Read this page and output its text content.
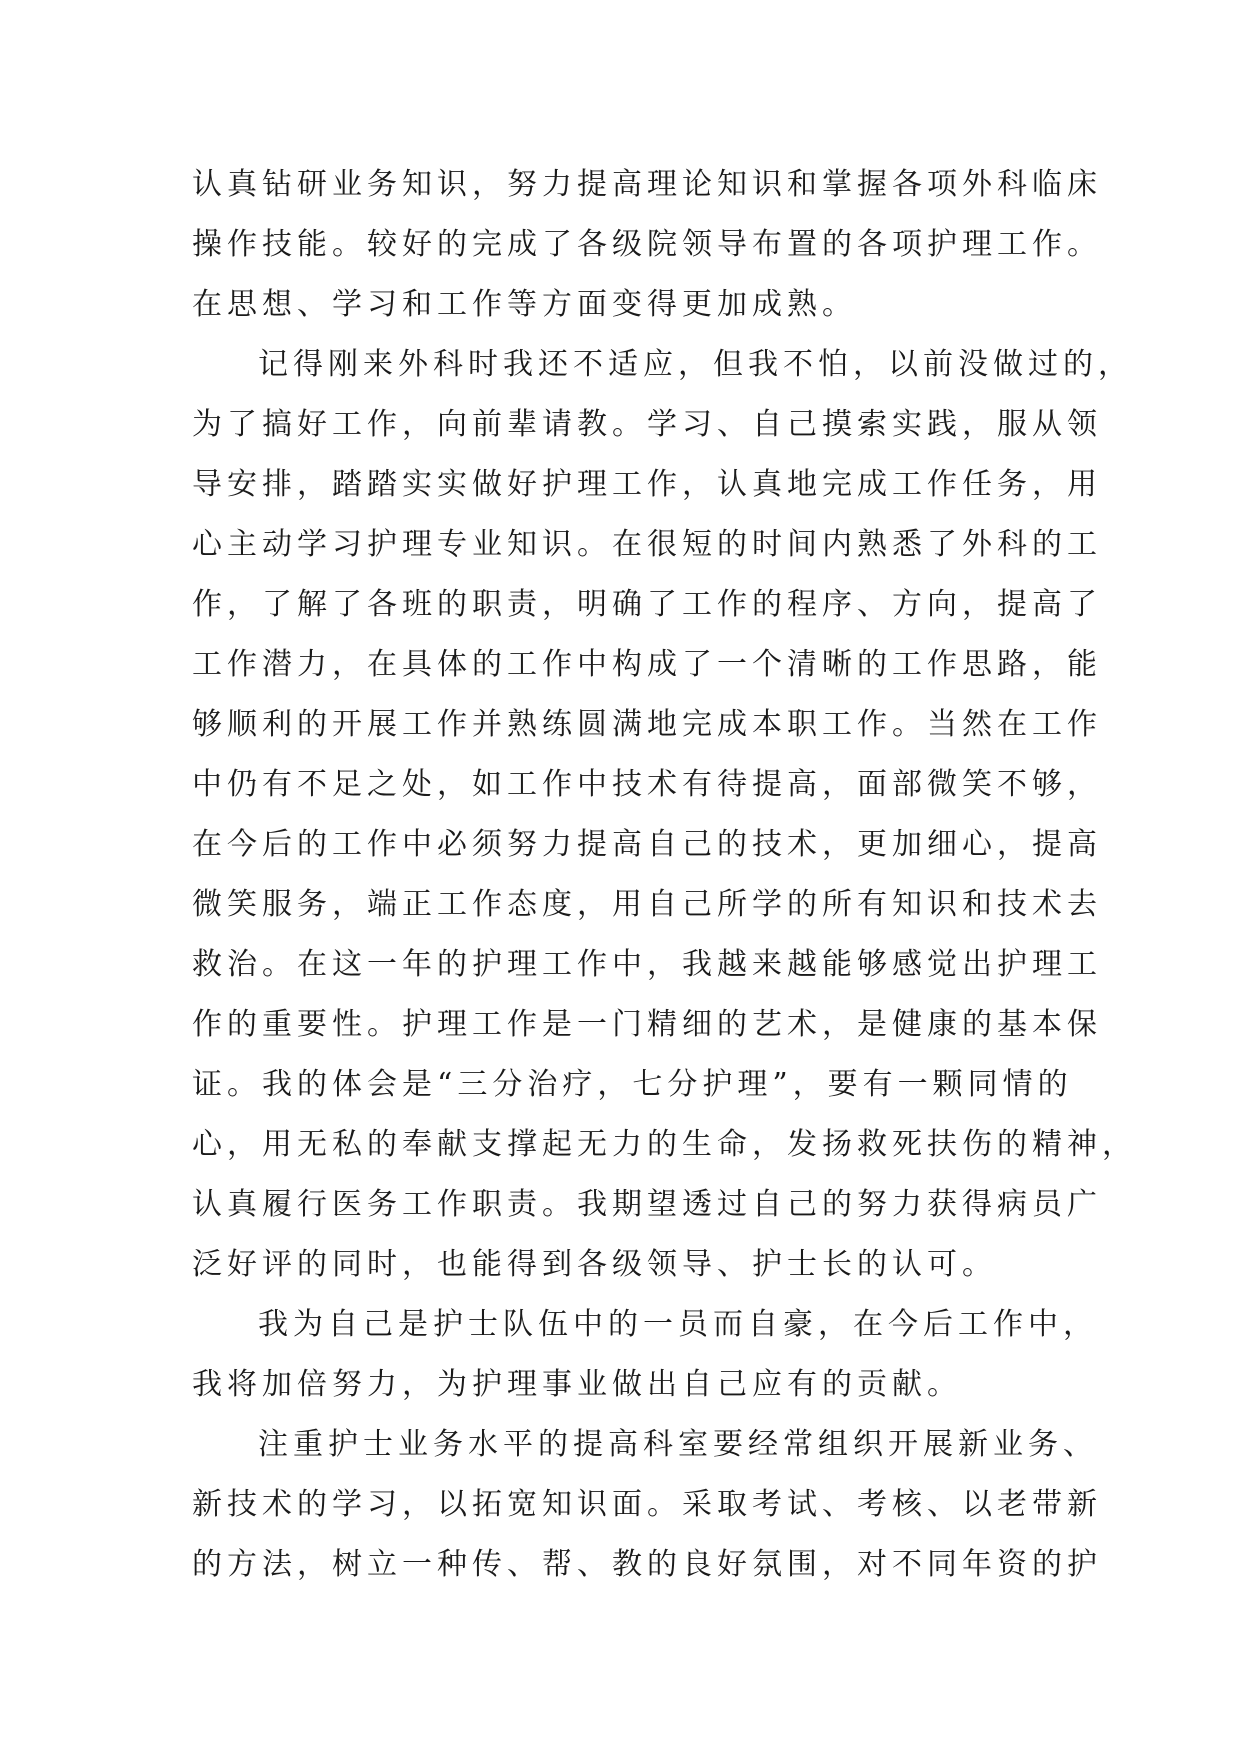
认真钻研业务知识，努力提高理论知识和掌握各项外科临床
操作技能。较好的完成了各级院领导布置的各项护理工作。
在思想、学习和工作等方面变得更加成熟。
记得刚来外科时我还不适应，但我不怕，以前没做过的，
为了搞好工作，向前辈请教。学习、自己摸索实践，服从领
导安排，踏踏实实做好护理工作，认真地完成工作任务，用
心主动学习护理专业知识。在很短的时间内熟悉了外科的工
作，了解了各班的职责，明确了工作的程序、方向，提高了
工作潜力，在具体的工作中构成了一个清晰的工作思路，能
够顺利的开展工作并熟练圆满地完成本职工作。当然在工作
中仍有不足之处，如工作中技术有待提高，面部微笑不够，
在今后的工作中必须努力提高自己的技术，更加细心，提高
微笑服务，端正工作态度，用自己所学的所有知识和技术去
救治。在这一年的护理工作中，我越来越能够感觉出护理工
作的重要性。护理工作是一门精细的艺术，是健康的基本保
证。我的体会是“三分治疗，七分护理”，要有一颗同情的
心，用无私的奉献支撑起无力的生命，发扬救死扶伤的精神，
认真履行医务工作职责。我期望透过自己的努力获得病员广
泛好评的同时，也能得到各级领导、护士长的认可。
我为自己是护士队伍中的一员而自豪，在今后工作中，
我将加倍努力，为护理事业做出自己应有的贡献。
注重护士业务水平的提高科室要经常组织开展新业务、
新技术的学习，以拓宽知识面。采取考试、考核、以老带新
的方法，树立一种传、帮、教的良好氛围，对不同年资的护
